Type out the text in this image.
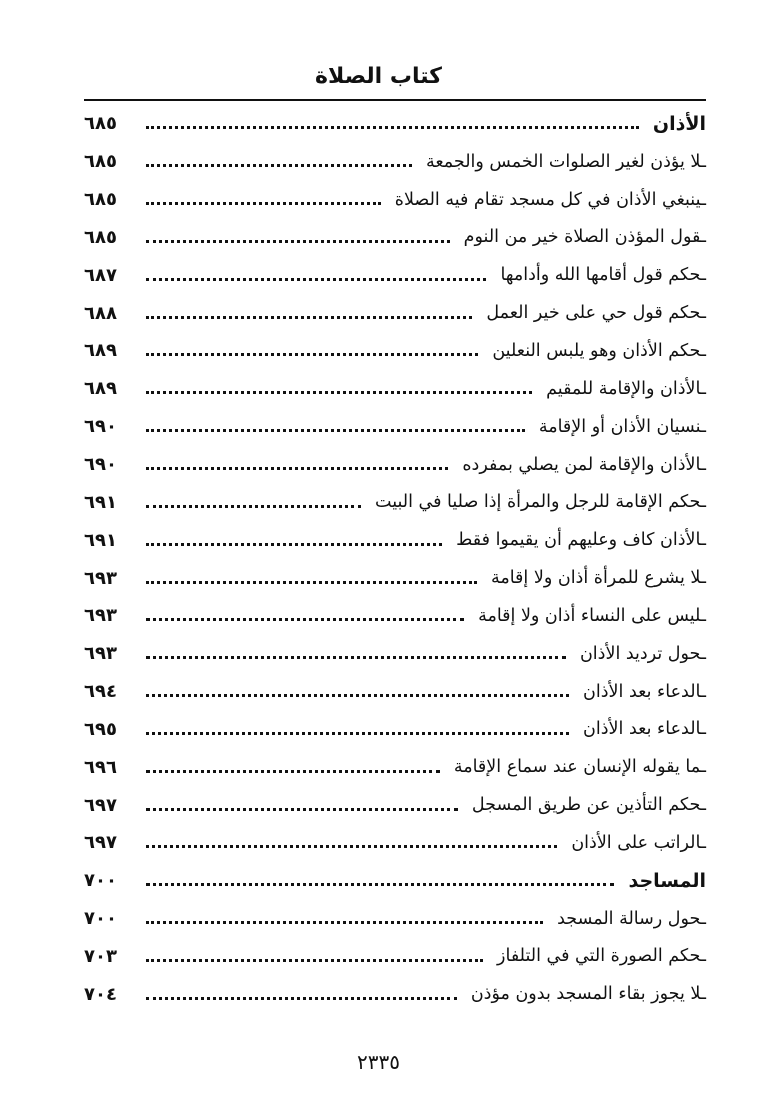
كتاب الصلاة
٦٨٥	الأذان
٦٨٥	ـ لا يؤذن لغير الصلوات الخمس والجمعة
٦٨٥	ـ ينبغي الأذان في كل مسجد تقام فيه الصلاة
٦٨٥	ـ قول المؤذن الصلاة خير من النوم
٦٨٧	ـ حكم قول أقامها الله وأدامها
٦٨٨	ـ حكم قول حي على خير العمل
٦٨٩	ـ حكم الأذان وهو يلبس النعلين
٦٨٩	ـ الأذان والإقامة للمقيم
٦٩٠	ـ نسيان الأذان أو الإقامة
٦٩٠	ـ الأذان والإقامة لمن يصلي بمفرده
٦٩١	ـ حكم الإقامة للرجل والمرأة إذا صليا في البيت
٦٩١	ـ الأذان كاف وعليهم أن يقيموا فقط
٦٩٣	ـ لا يشرع للمرأة أذان ولا إقامة
٦٩٣	ـ ليس على النساء أذان ولا إقامة
٦٩٣	ـ حول ترديد الأذان
٦٩٤	ـ الدعاء بعد الأذان
٦٩٥	ـ الدعاء بعد الأذان
٦٩٦	ـ ما يقوله الإنسان عند سماع الإقامة
٦٩٧	ـ حكم التأذين عن طريق المسجل
٦٩٧	ـ الراتب على الأذان
٧٠٠	المساجد
٧٠٠	ـ حول رسالة المسجد
٧٠٣	ـ حكم الصورة التي في التلفاز
٧٠٤	ـ لا يجوز بقاء المسجد بدون مؤذن
٢٣٣٥
